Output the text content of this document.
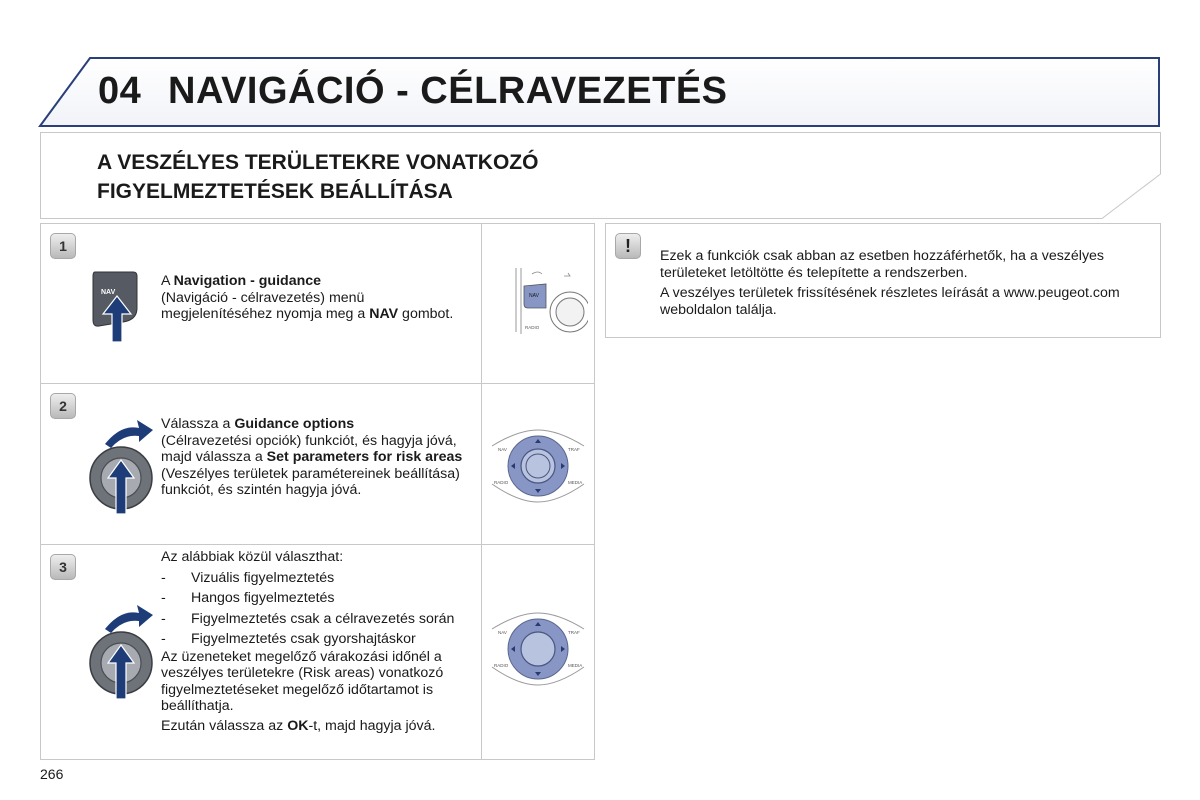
04 NAVIGÁCIÓ - CÉLRAVEZETÉS
A VESZÉLYES TERÜLETEKRE VONATKOZÓ
FIGYELMEZTETÉSEK BEÁLLÍTÁSA
1
NAV

A Navigation - guidance
(Navigáció - célravezetés) menü megjelenítéséhez nyomja meg a NAV gombot.

NAV
RADIO
2

Válassza a Guidance options
(Célravezetési opciók) funkciót, és hagyja jóvá, majd válassza a Set parameters for risk areas (Veszélyes területek paramétereinek beállítása) funkciót, és szintén hagyja jóvá.

NAV	TRAF
RADIO	MEDIA
3

Az alábbiak közül választhat:

- Vizuális figyelmeztetés
- Hangos figyelmeztetés
- Figyelmeztetés csak a célravezetés során
- Figyelmeztetés csak gyorshajtáskor

Az üzeneteket megelőző várakozási időnél a veszélyes területekre (Risk areas) vonatkozó figyelmeztetéseket megelőző időtartamot is beállíthatja.

Ezután válassza az OK-t, majd hagyja jóvá.

NAV	TRAF
RADIO	MEDIA
!	Ezek a funkciók csak abban az esetben hozzáférhetők, ha a veszélyes területeket letöltötte és telepítette a rendszerben.

A veszélyes területek frissítésének részletes leírását a www.peugeot.com weboldalon találja.

266
